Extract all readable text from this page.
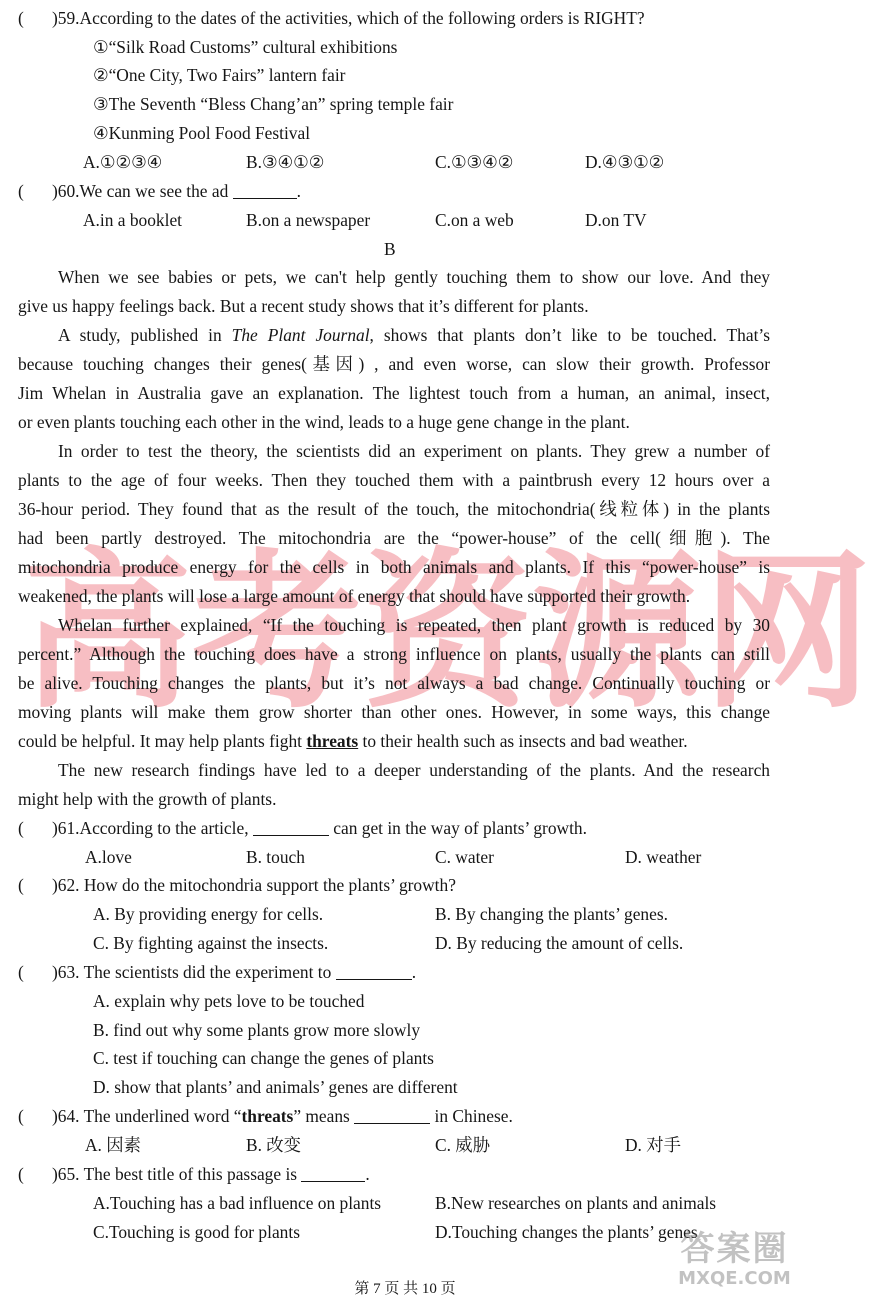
高 考 资 源 网
( )59.According to the dates of the activities, which of the following orders is RIGHT?
①“Silk Road Customs” cultural exhibitions
②“One City, Two Fairs” lantern fair
③The Seventh “Bless Chang’an” spring temple fair
④Kunming Pool Food Festival
A.①②③④	B.③④①②	C.①③④②	D.④③①②
( )60.We can we see the ad	.
A.in a booklet	B.on a newspaper	C.on a web	D.on TV
B
When we see babies or pets, we can't help gently touching them to show our love. And they
give us happy feelings back. But a recent study shows that it’s different for plants.
A study, published in The Plant Journal, shows that plants don’t like to be touched. That’s
because touching changes their genes(基因) , and even worse, can slow their growth. Professor
Jim Whelan in Australia gave an explanation. The lightest touch from a human, an animal, insect,
or even plants touching each other in the wind, leads to a huge gene change in the plant.
In order to test the theory, the scientists did an experiment on plants. They grew a number of
plants to the age of four weeks. Then they touched them with a paintbrush every 12 hours over a
36-hour period. They found that as the result of the touch, the mitochondria(线粒体) in the plants
had been partly destroyed. The mitochondria are the “power-house” of the cell(细胞). The
mitochondria produce energy for the cells in both animals and plants. If this “power-house” is
weakened, the plants will lose a large amount of energy that should have supported their growth.
Whelan further explained, “If the touching is repeated, then plant growth is reduced by 30
percent.” Although the touching does have a strong influence on plants, usually the plants can still
be alive. Touching changes the plants, but it’s not always a bad change. Continually touching or
moving plants will make them grow shorter than other ones. However, in some ways, this change
could be helpful. It may help plants fight threats to their health such as insects and bad weather.
The new research findings have led to a deeper understanding of the plants. And the research
might help with the growth of plants.
( )61.According to the article,	can get in the way of plants’ growth.
A.love	B. touch	C. water	D. weather
( )62. How do the mitochondria support the plants’ growth?
A. By providing energy for cells.	B. By changing the plants’ genes.
C. By fighting against the insects.	D. By reducing the amount of cells.
( )63. The scientists did the experiment to	.
A. explain why pets love to be touched
B. find out why some plants grow more slowly
C. test if touching can change the genes of plants
D. show that plants’ and animals’ genes are different
( )64. The underlined word “threats” means	in Chinese.
A. 因素	B. 改变	C. 威胁	D. 对手
( )65. The best title of this passage is	.
A.Touching has a bad influence on plants	B.New researches on plants and animals
C.Touching is good for plants	D.Touching changes the plants’ genes
第 7 页 共 10 页
答案圈
MXQE.COM
